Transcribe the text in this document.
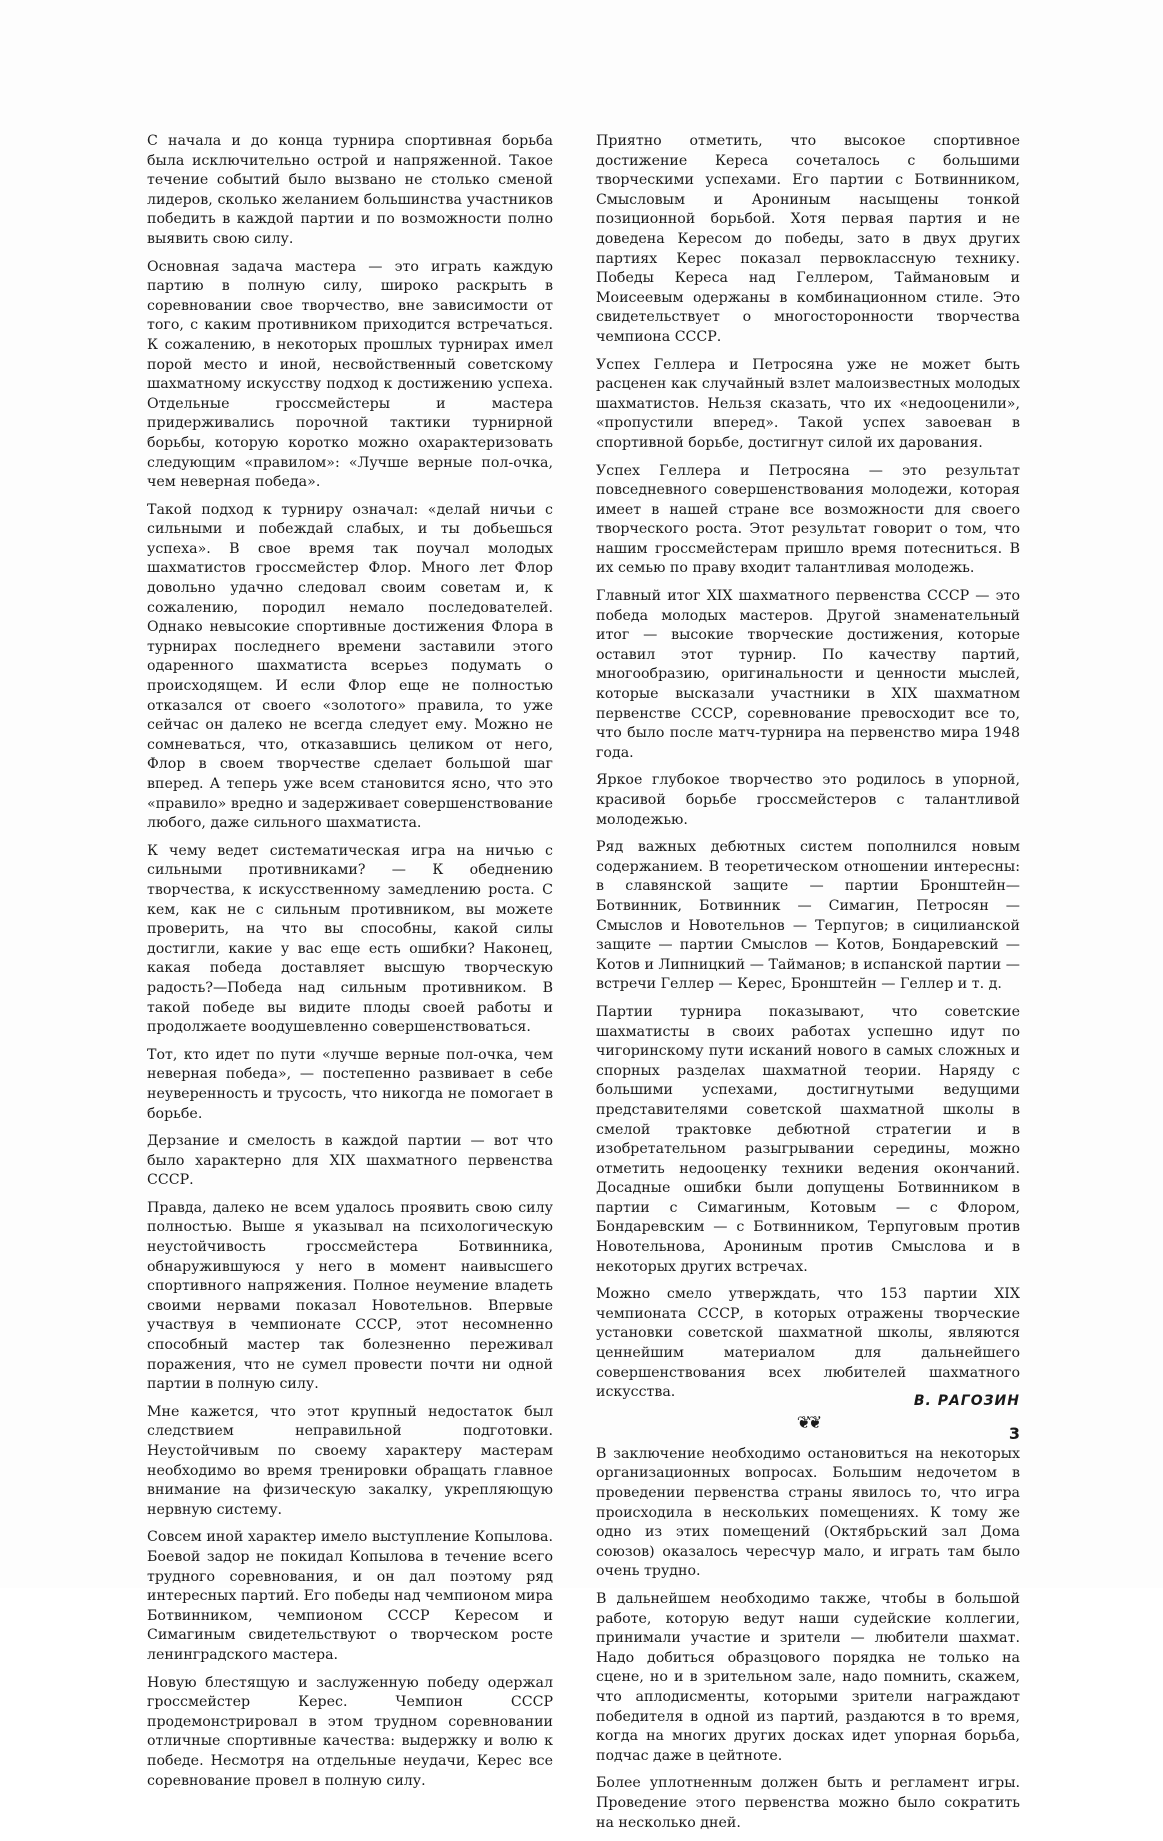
С начала и до конца турнира спортивная борьба была исключительно острой и напряженной. Такое течение событий было вызвано не столько сменой лидеров, сколько желанием большинства участников победить в каждой партии и по возможности полно выявить свою силу.

Основная задача мастера — это играть каждую партию в полную силу, широко раскрыть в соревновании свое творчество, вне зависимости от того, с каким противником приходится встречаться. К сожалению, в некоторых прошлых турнирах имел порой место и иной, несвойственный советскому шахматному искусству подход к достижению успеха. Отдельные гроссмейстеры и мастера придерживались порочной тактики турнирной борьбы, которую коротко можно охарактеризовать следующим «правилом»: «Лучше верные пол-очка, чем неверная победа».

Такой подход к турниру означал: «делай ничьи с сильными и побеждай слабых, и ты добьешься успеха». В свое время так поучал молодых шахматистов гроссмейстер Флор. Много лет Флор довольно удачно следовал своим советам и, к сожалению, породил немало последователей. Однако невысокие спортивные достижения Флора в турнирах последнего времени заставили этого одаренного шахматиста всерьез подумать о происходящем. И если Флор еще не полностью отказался от своего «золотого» правила, то уже сейчас он далеко не всегда следует ему. Можно не сомневаться, что, отказавшись целиком от него, Флор в своем творчестве сделает большой шаг вперед. А теперь уже всем становится ясно, что это «правило» вредно и задерживает совершенствование любого, даже сильного шахматиста.

К чему ведет систематическая игра на ничью с сильными противниками? — К обеднению творчества, к искусственному замедлению роста. С кем, как не с сильным противником, вы можете проверить, на что вы способны, какой силы достигли, какие у вас еще есть ошибки? Наконец, какая победа доставляет высшую творческую радость?—Победа над сильным противником. В такой победе вы видите плоды своей работы и продолжаете воодушевленно совершенствоваться.

Тот, кто идет по пути «лучше верные пол-очка, чем неверная победа», — постепенно развивает в себе неуверенность и трусость, что никогда не помогает в борьбе.

Дерзание и смелость в каждой партии — вот что было характерно для XIX шахматного первенства СССР.

Правда, далеко не всем удалось проявить свою силу полностью. Выше я указывал на психологическую неустойчивость гроссмейстера Ботвинника, обнаружившуюся у него в момент наивысшего спортивного напряжения. Полное неумение владеть своими нервами показал Новотельнов. Впервые участвуя в чемпионате СССР, этот несомненно способный мастер так болезненно переживал поражения, что не сумел провести почти ни одной партии в полную силу.

Мне кажется, что этот крупный недостаток был следствием неправильной подготовки. Неустойчивым по своему характеру мастерам необходимо во время тренировки обращать главное внимание на физическую закалку, укрепляющую нервную систему.

Совсем иной характер имело выступление Копылова. Боевой задор не покидал Копылова в течение всего трудного соревнования, и он дал поэтому ряд интересных партий. Его победы над чемпионом мира Ботвинником, чемпионом СССР Кересом и Симагиным свидетельствуют о творческом росте ленинградского мастера.

Новую блестящую и заслуженную победу одержал гроссмейстер Керес. Чемпион СССР продемонстрировал в этом трудном соревновании отличные спортивные качества: выдержку и волю к победе. Несмотря на отдельные неудачи, Керес все соревнование провел в полную силу.

Приятно отметить, что высокое спортивное достижение Кереса сочеталось с большими творческими успехами. Его партии с Ботвинником, Смысловым и Арониным насыщены тонкой позиционной борьбой. Хотя первая партия и не доведена Кересом до победы, зато в двух других партиях Керес показал первоклассную технику. Победы Кереса над Геллером, Таймановым и Моисеевым одержаны в комбинационном стиле. Это свидетельствует о многосторонности творчества чемпиона СССР.

Успех Геллера и Петросяна уже не может быть расценен как случайный взлет малоизвестных молодых шахматистов. Нельзя сказать, что их «недооценили», «пропустили вперед». Такой успех завоеван в спортивной борьбе, достигнут силой их дарования.

Успех Геллера и Петросяна — это результат повседневного совершенствования молодежи, которая имеет в нашей стране все возможности для своего творческого роста. Этот результат говорит о том, что нашим гроссмейстерам пришло время потесниться. В их семью по праву входит талантливая молодежь.

Главный итог XIX шахматного первенства СССР — это победа молодых мастеров. Другой знаменательный итог — высокие творческие достижения, которые оставил этот турнир. По качеству партий, многообразию, оригинальности и ценности мыслей, которые высказали участники в XIX шахматном первенстве СССР, соревнование превосходит все то, что было после матч-турнира на первенство мира 1948 года.

Яркое глубокое творчество это родилось в упорной, красивой борьбе гроссмейстеров с талантливой молодежью.

Ряд важных дебютных систем пополнился новым содержанием. В теоретическом отношении интересны: в славянской защите — партии Бронштейн—Ботвинник, Ботвинник — Симагин, Петросян — Смыслов и Новотельнов — Терпугов; в сицилианской защите — партии Смыслов — Котов, Бондаревский — Котов и Липницкий — Тайманов; в испанской партии — встречи Геллер — Керес, Бронштейн — Геллер и т. д.

Партии турнира показывают, что советские шахматисты в своих работах успешно идут по чигоринскому пути исканий нового в самых сложных и спорных разделах шахматной теории. Наряду с большими успехами, достигнутыми ведущими представителями советской шахматной школы в смелой трактовке дебютной стратегии и в изобретательном разыгрывании середины, можно отметить недооценку техники ведения окончаний. Досадные ошибки были допущены Ботвинником в партии с Симагиным, Котовым — с Флором, Бондаревским — с Ботвинником, Терпуговым против Новотельнова, Арониным против Смыслова и в некоторых других встречах.

Можно смело утверждать, что 153 партии XIX чемпионата СССР, в которых отражены творческие установки советской шахматной школы, являются ценнейшим материалом для дальнейшего совершенствования всех любителей шахматного искусства.

❦❦

В заключение необходимо остановиться на некоторых организационных вопросах. Большим недочетом в проведении первенства страны явилось то, что игра происходила в нескольких помещениях. К тому же одно из этих помещений (Октябрьский зал Дома союзов) оказалось чересчур мало, и играть там было очень трудно.

В дальнейшем необходимо также, чтобы в большой работе, которую ведут наши судейские коллегии, принимали участие и зрители — любители шахмат. Надо добиться образцового порядка не только на сцене, но и в зрительном зале, надо помнить, скажем, что аплодисменты, которыми зрители награждают победителя в одной из партий, раздаются в то время, когда на многих других досках идет упорная борьба, подчас даже в цейтноте.

Более уплотненным должен быть и регламент игры. Проведение этого первенства можно было сократить на несколько дней.

В. РАГОЗИН
3
